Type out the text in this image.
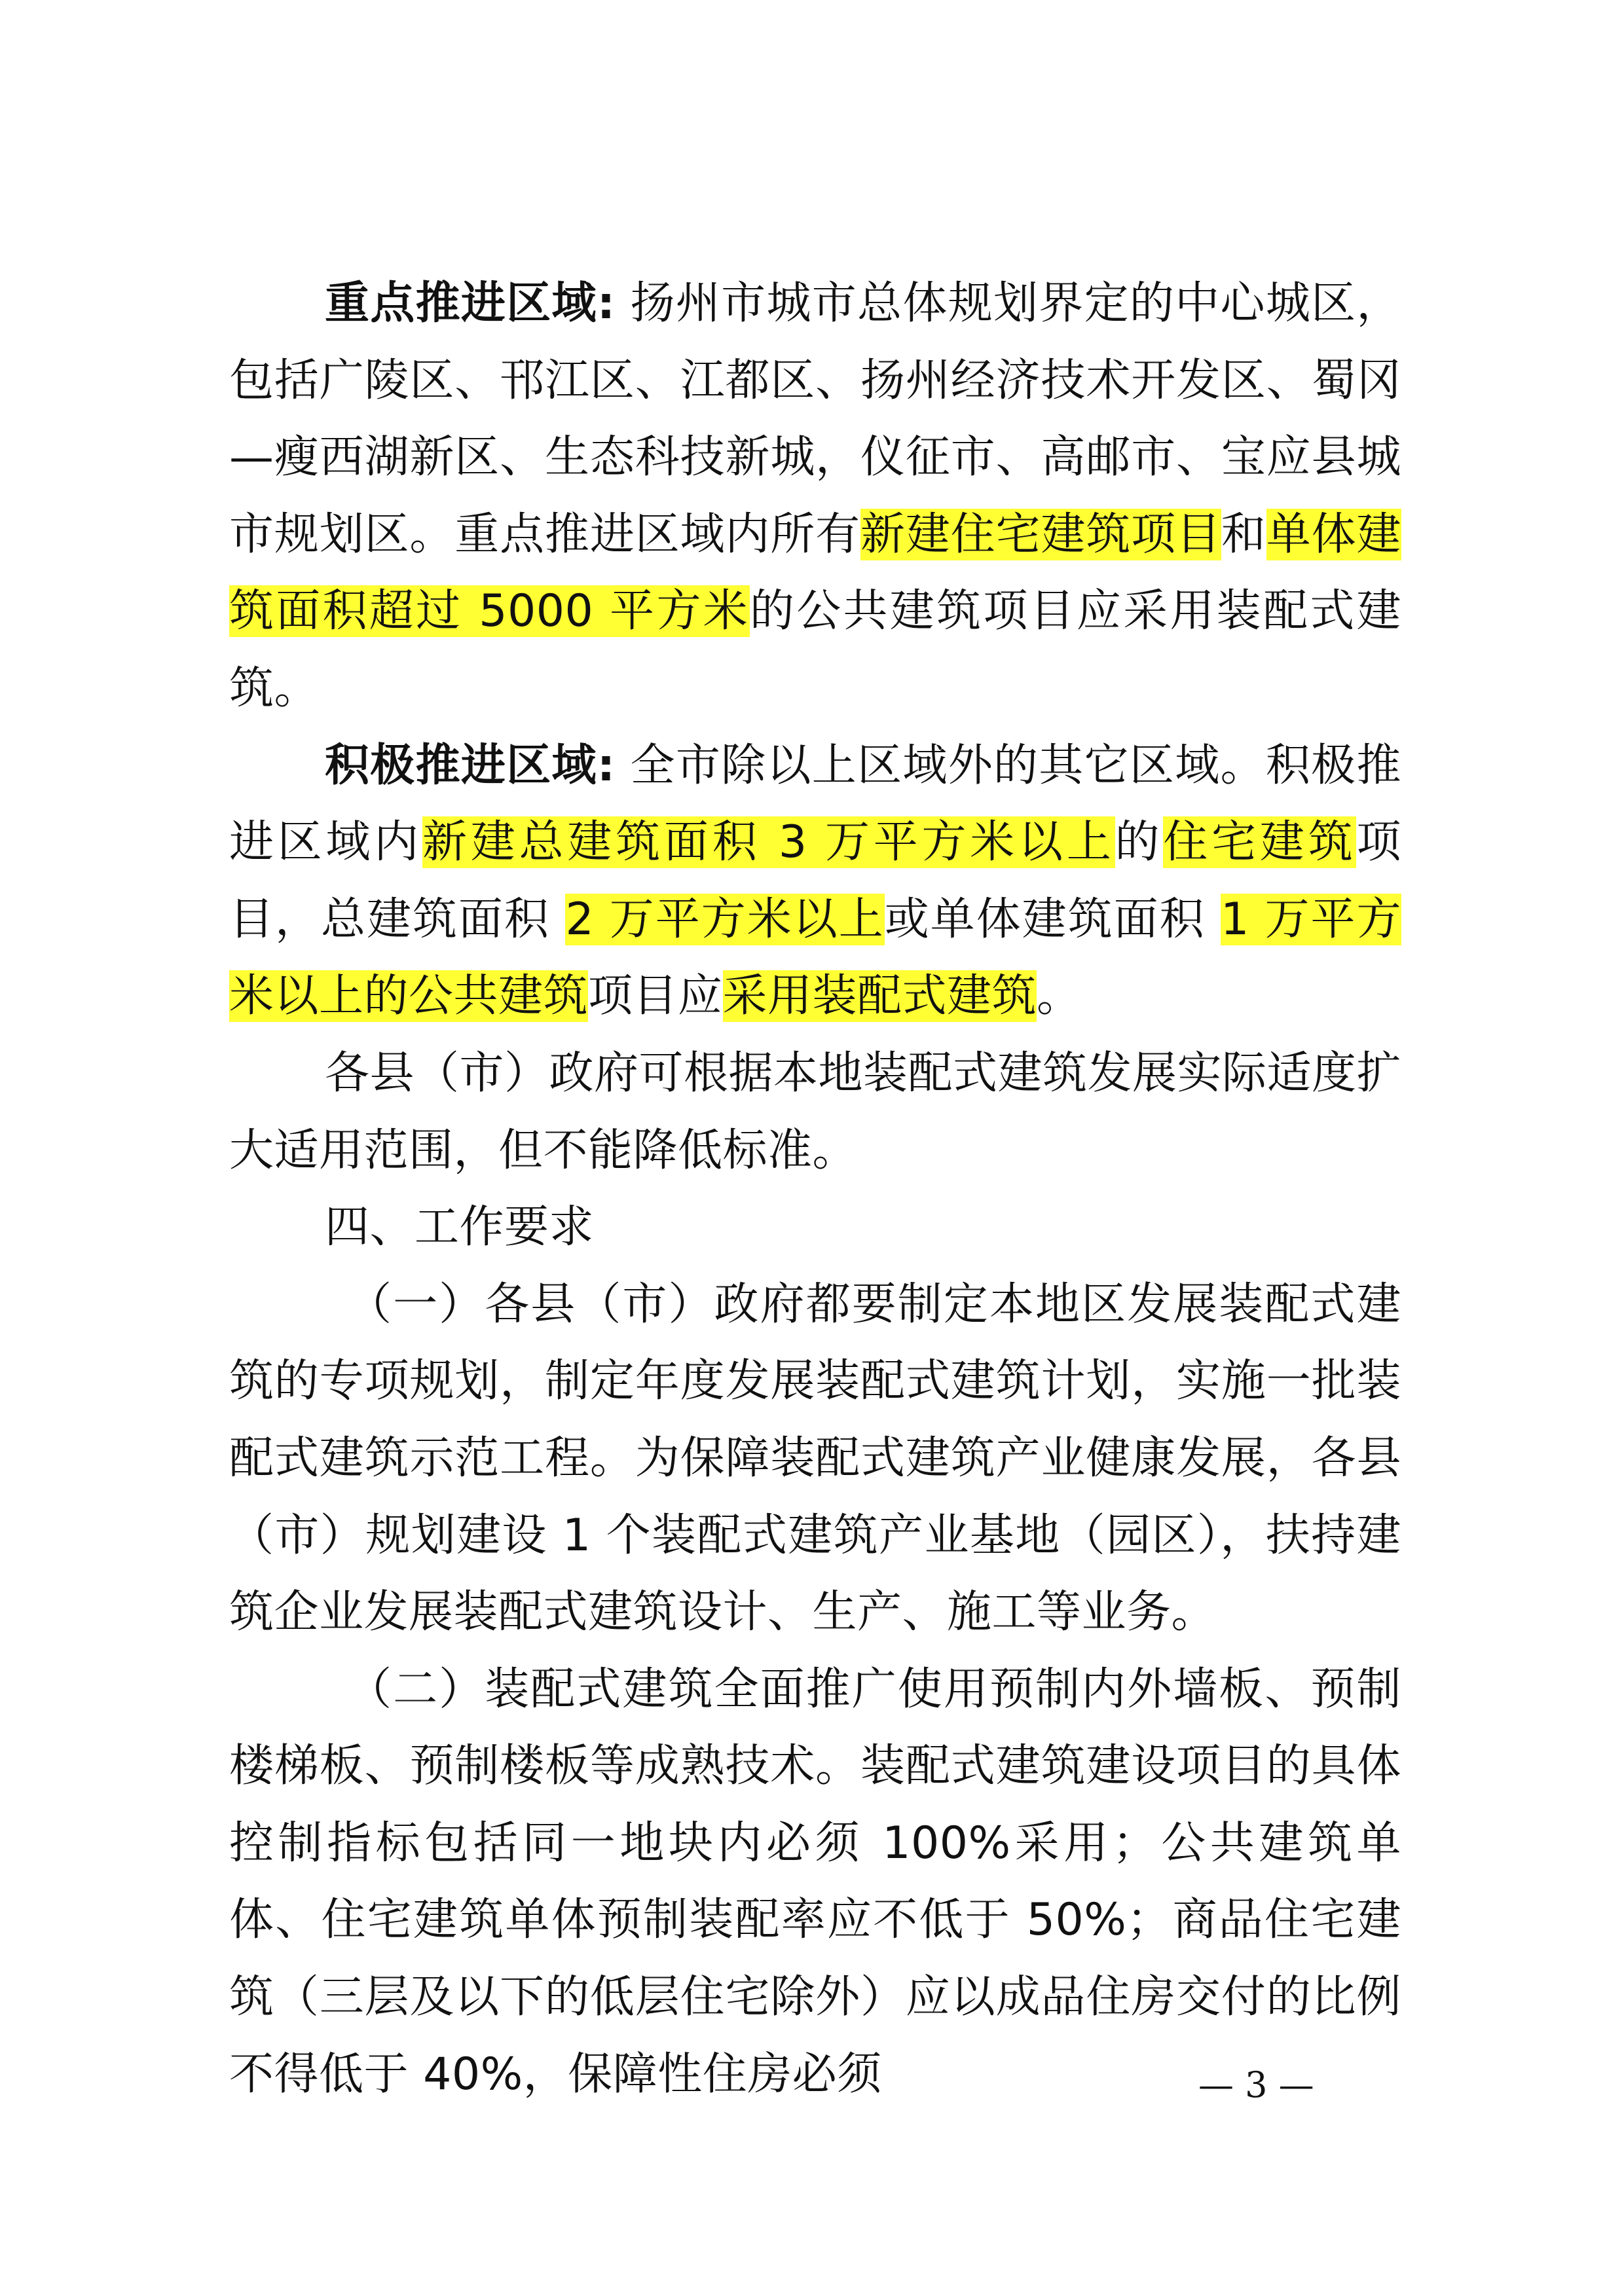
重点推进区域: 扬州市城市总体规划界定的中心城区，包括广陵区、邗江区、江都区、扬州经济技术开发区、蜀冈—瘦西湖新区、生态科技新城，仪征市、高邮市、宝应县城市规划区。重点推进区域内所有新建住宅建筑项目和单体建筑面积超过 5000 平方米的公共建筑项目应采用装配式建筑。

积极推进区域: 全市除以上区域外的其它区域。积极推进区域内新建总建筑面积 3 万平方米以上的住宅建筑项目，总建筑面积 2 万平方米以上或单体建筑面积 1 万平方米以上的公共建筑项目应采用装配式建筑。

各县（市）政府可根据本地装配式建筑发展实际适度扩大适用范围，但不能降低标准。

四、工作要求

（一）各县（市）政府都要制定本地区发展装配式建筑的专项规划，制定年度发展装配式建筑计划，实施一批装配式建筑示范工程。为保障装配式建筑产业健康发展，各县（市）规划建设 1 个装配式建筑产业基地（园区），扶持建筑企业发展装配式建筑设计、生产、施工等业务。

（二）装配式建筑全面推广使用预制内外墙板、预制楼梯板、预制楼板等成熟技术。装配式建筑建设项目的具体控制指标包括同一地块内必须 100%采用；公共建筑单体、住宅建筑单体预制装配率应不低于 50%；商品住宅建筑（三层及以下的低层住宅除外）应以成品住房交付的比例不得低于 40%，保障性住房必须	— 3 —
